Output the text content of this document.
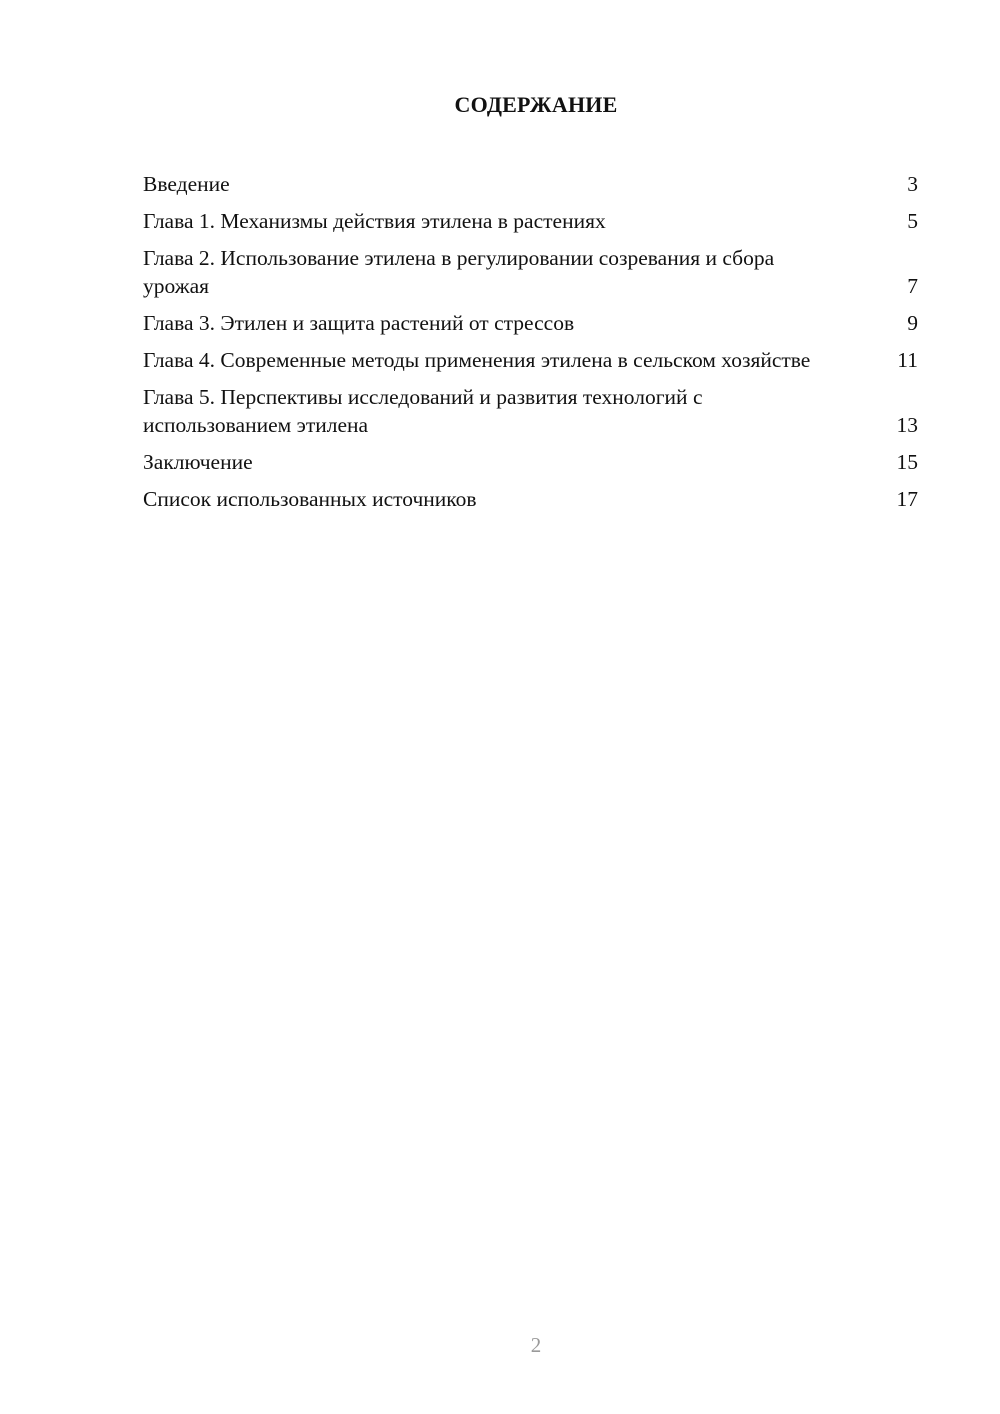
СОДЕРЖАНИЕ
Введение	3
Глава 1. Механизмы действия этилена в растениях	5
Глава 2. Использование этилена в регулировании созревания и сбора урожая	7
Глава 3. Этилен и защита растений от стрессов	9
Глава 4. Современные методы применения этилена в сельском хозяйстве	11
Глава 5. Перспективы исследований и развития технологий с использованием этилена	13
Заключение	15
Список использованных источников	17
2
